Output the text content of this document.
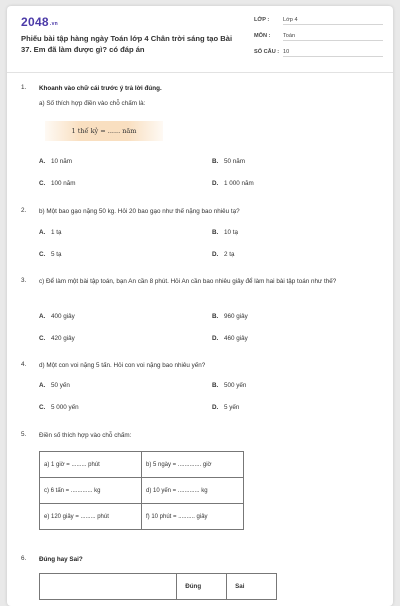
2048.vn
Phiếu bài tập hàng ngày Toán lớp 4 Chân trời sáng tạo Bài 37. Em đã làm được gì? có đáp án
LỚP : Lớp 4
MÔN : Toán
SỐ CÂU : 10
1.	Khoanh vào chữ cái trước ý trả lời đúng.
a) Số thích hợp điền vào chỗ chấm là:
1 thế kỷ = ...... năm
A. 10 năm	B. 50 năm
C. 100 năm	D. 1 000 năm
2.	b) Một bao gạo nặng 50 kg. Hỏi 20 bao gạo như thế nặng bao nhiêu tạ?
A. 1 tạ	B. 10 tạ
C. 5 tạ	D. 2 tạ
3.	c) Để làm một bài tập toán, bạn An cần 8 phút. Hỏi An cần bao nhiêu giây để làm hai bài tập toán như thế?
A. 400 giây	B. 960 giây
C. 420 giây	D. 460 giây
4.	d) Một con voi nặng 5 tấn. Hỏi con voi nặng bao nhiêu yến?
A. 50 yến	B. 500 yến
C. 5 000 yến	D. 5 yến
5.	Điền số thích hợp vào chỗ chấm:
a) 1 giờ = ......... phút	b) 5 ngày = .............. giờ
c) 6 tấn = ............. kg	d) 10 yến = ............. kg
e) 120 giây = ......... phút	f) 10 phút = .......... giây
6.	Đúng hay Sai?
	Đúng	Sai
